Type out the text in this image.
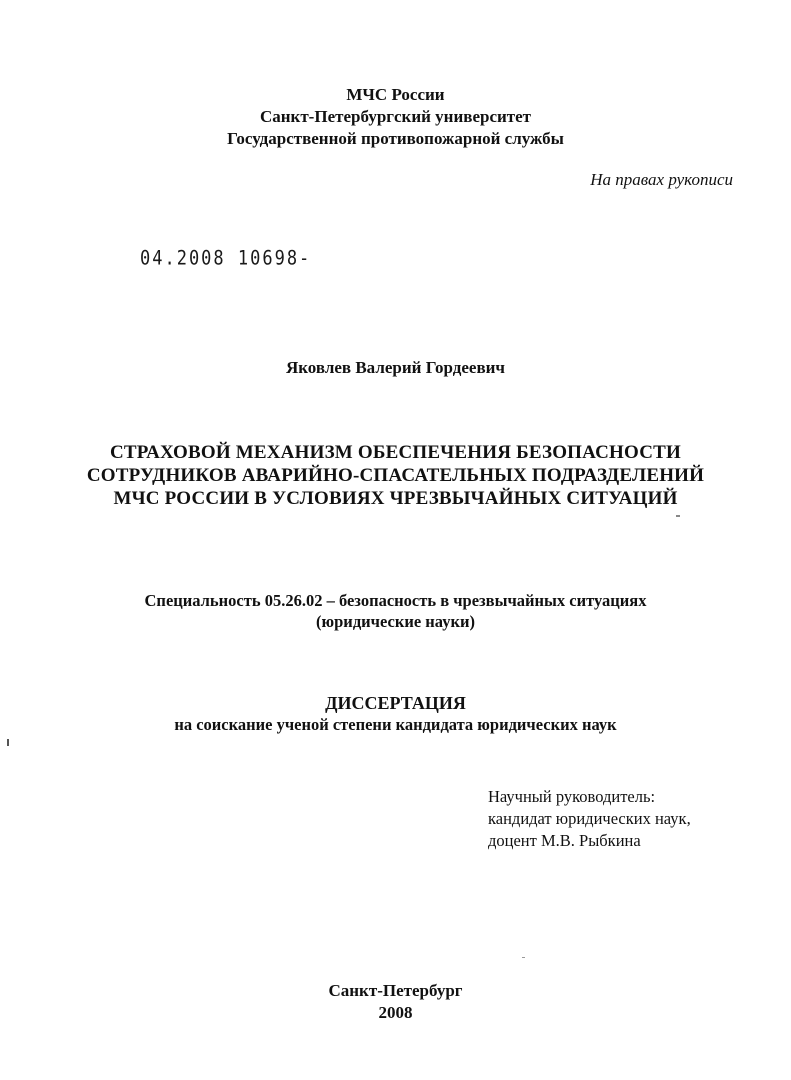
МЧС России
Санкт-Петербургский университет
Государственной противопожарной службы
На правах рукописи
04.2008 10698-
Яковлев Валерий Гордеевич
СТРАХОВОЙ МЕХАНИЗМ ОБЕСПЕЧЕНИЯ БЕЗОПАСНОСТИ
СОТРУДНИКОВ АВАРИЙНО-СПАСАТЕЛЬНЫХ ПОДРАЗДЕЛЕНИЙ
МЧС РОССИИ В УСЛОВИЯХ ЧРЕЗВЫЧАЙНЫХ СИТУАЦИЙ
Специальность 05.26.02 – безопасность в чрезвычайных ситуациях
(юридические науки)
ДИССЕРТАЦИЯ
на соискание ученой степени кандидата юридических наук
Научный руководитель:
кандидат юридических наук,
доцент М.В. Рыбкина
Санкт-Петербург
2008
